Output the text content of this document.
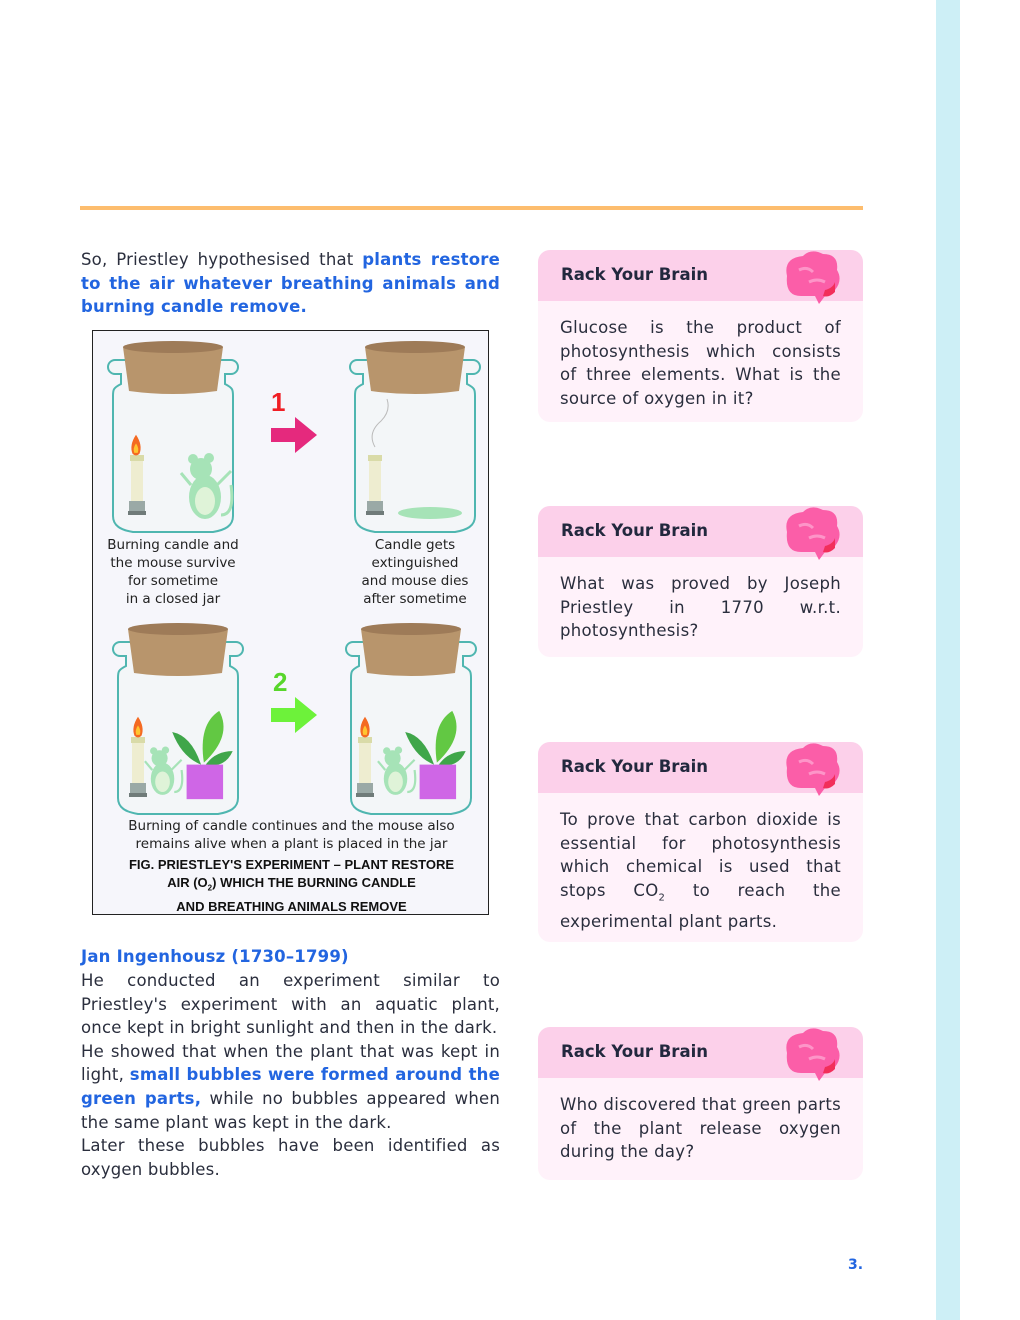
So, Priestley hypothesised that plants restore to the air whatever breathing animals and burning candle remove.
1
Burning candle and
the mouse survive
for sometime
in a closed jar
Candle gets
extinguished
and mouse dies
after sometime
2
Burning of candle continues and the mouse also
remains alive when a plant is placed in the jar
FIG. PRIESTLEY'S EXPERIMENT – PLANT RESTORE
AIR $(O_2)$ WHICH THE BURNING CANDLE
AND BREATHING ANIMALS REMOVE
Jan Ingenhousz (1730–1799)
He conducted an experiment similar to Priestley's experiment with an aquatic plant, once kept in bright sunlight and then in the dark.
He showed that when the plant that was kept in light, small bubbles were formed around the green parts, while no bubbles appeared when the same plant was kept in the dark.
Later these bubbles have been identified as oxygen bubbles.
Rack Your Brain
Glucose is the product of photosynthesis which consists of three elements. What is the source of oxygen in it?
Rack Your Brain
What was proved by Joseph Priestley in 1770 w.r.t. photosynthesis?
Rack Your Brain
To prove that carbon dioxide is essential for photosynthesis which chemical is used that stops $CO_2$ to reach the experimental plant parts.
Rack Your Brain
Who discovered that green parts of the plant release oxygen during the day?
3.
